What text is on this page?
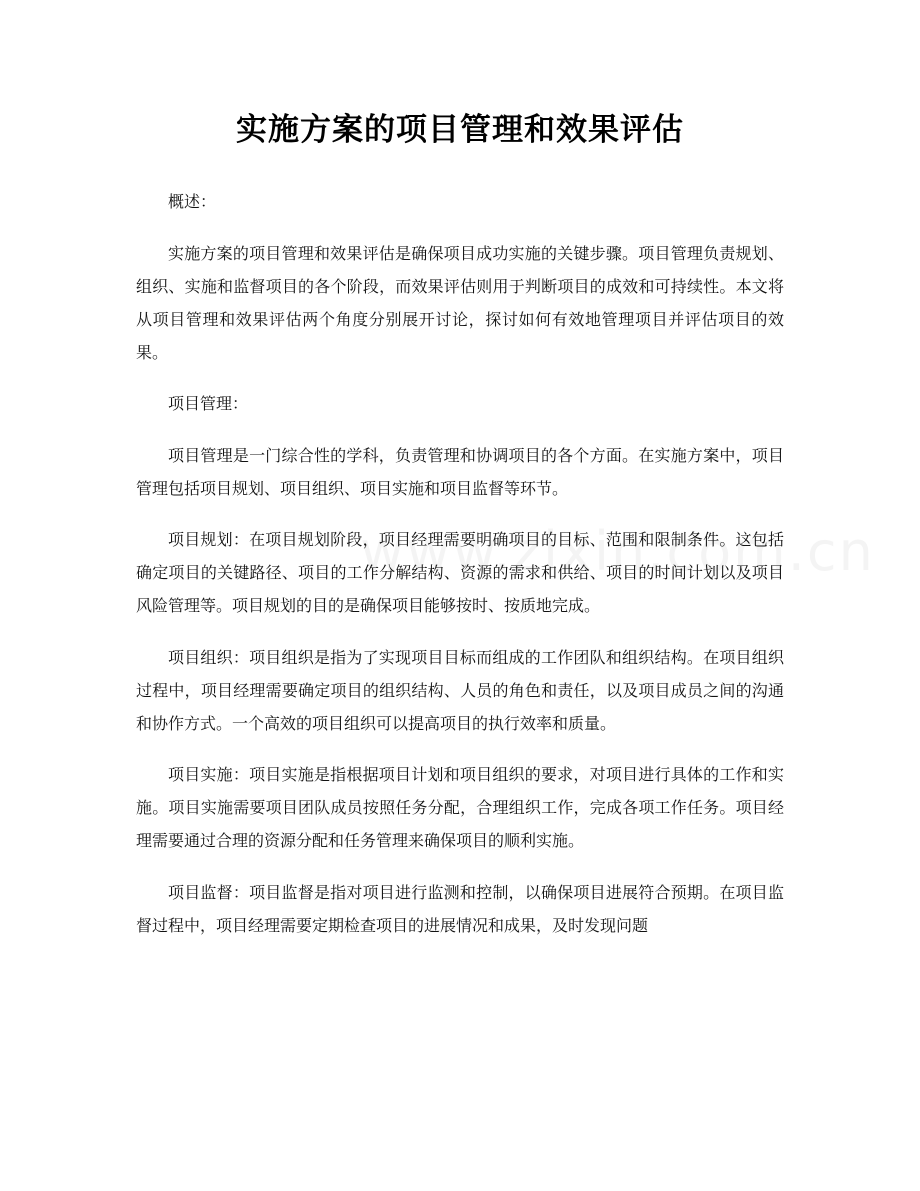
实施方案的项目管理和效果评估

概述：

实施方案的项目管理和效果评估是确保项目成功实施的关键步骤。项目管理负责规划、组织、实施和监督项目的各个阶段，而效果评估则用于判断项目的成效和可持续性。本文将从项目管理和效果评估两个角度分别展开讨论，探讨如何有效地管理项目并评估项目的效果。

项目管理：

项目管理是一门综合性的学科，负责管理和协调项目的各个方面。在实施方案中，项目管理包括项目规划、项目组织、项目实施和项目监督等环节。

项目规划：在项目规划阶段，项目经理需要明确项目的目标、范围和限制条件。这包括确定项目的关键路径、项目的工作分解结构、资源的需求和供给、项目的时间计划以及项目风险管理等。项目规划的目的是确保项目能够按时、按质地完成。

项目组织：项目组织是指为了实现项目目标而组成的工作团队和组织结构。在项目组织过程中，项目经理需要确定项目的组织结构、人员的角色和责任，以及项目成员之间的沟通和协作方式。一个高效的项目组织可以提高项目的执行效率和质量。

项目实施：项目实施是指根据项目计划和项目组织的要求，对项目进行具体的工作和实施。项目实施需要项目团队成员按照任务分配，合理组织工作，完成各项工作任务。项目经理需要通过合理的资源分配和任务管理来确保项目的顺利实施。

项目监督：项目监督是指对项目进行监测和控制，以确保项目进展符合预期。在项目监督过程中，项目经理需要定期检查项目的进展情况和成果，及时发现问题
